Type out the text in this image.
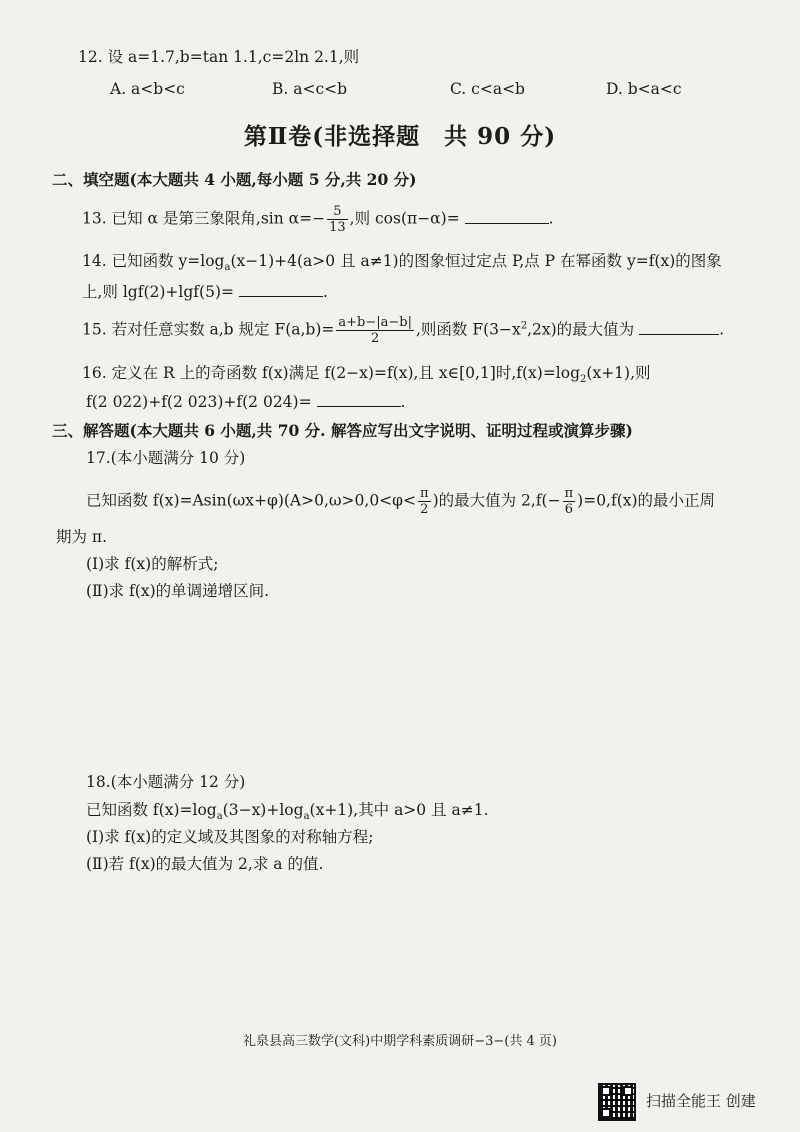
12. 设 a=1.7,b=tan 1.1,c=2ln 2.1,则
A. a<b<c	B. a<c<b	C. c<a<b	D. b<a<c
第Ⅱ卷(非选择题　共 90 分)
二、填空题(本大题共 4 小题,每小题 5 分,共 20 分)
13. 已知 α 是第三象限角,sin $\alpha=- \frac{5}{13}$ ,则 cos(π−α)=	.
14. 已知函数 $y=\log_a(x-1)+4(a>0$ 且 a≠1)的图象恒过定点 P,点 P 在幂函数 y=f(x)的图象
上,则 lgf(2)+lgf(5)=	.
15. 若对任意实数 a,b 规定 $F(a,b)= \frac{a+b-|a-b|}{2}$ ,则函数 $F(3-x^2,2x)$的最大值为	.
16. 定义在 R 上的奇函数 f(x)满足 f(2−x)=f(x),且 x∈[0,1]时$,f(x)=\log_2(x+1)$,则
f(2 022)+f(2 023)+f(2 024)=	.
三、解答题(本大题共 6 小题,共 70 分. 解答应写出文字说明、证明过程或演算步骤)
17.(本小题满分 10 分)
已知函数 $f(x)=Asin(\omega x+\varphi)(A>0,\omega>0,0<\varphi< \frac{\pi}{2}$ )的最大值为 $2,f(- \frac{\pi}{6} )=0,f(x)$的最小正周
期为 π.
(Ⅰ)求 f(x)的解析式;
(Ⅱ)求 f(x)的单调递增区间.
18.(本小题满分 12 分)
已知函数 $f(x)=\log_a(3-x)+\log_a(x+1)$,其中 a>0 且 a≠1.
(Ⅰ)求 f(x)的定义域及其图象的对称轴方程;
(Ⅱ)若 f(x)的最大值为 2,求 a 的值.
礼泉县高三数学(文科)中期学科素质调研−3−(共 4 页)
扫描全能王 创建
